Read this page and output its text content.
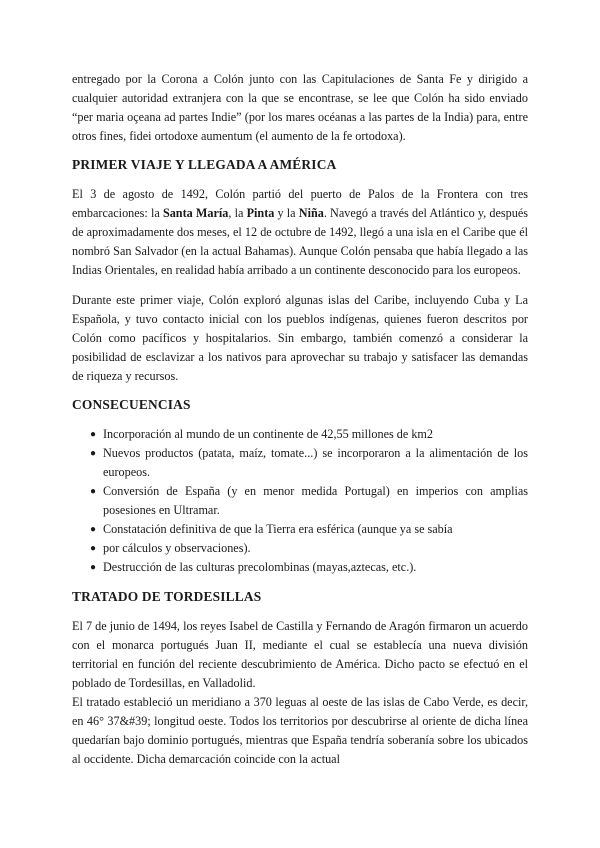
entregado por la Corona a Colón junto con las Capitulaciones de Santa Fe y dirigido a cualquier autoridad extranjera con la que se encontrase, se lee que Colón ha sido enviado “per maria oçeana ad partes Indie” (por los mares océanas a las partes de la India) para, entre otros fines, fidei ortodoxe aumentum (el aumento de la fe ortodoxa).

PRIMER VIAJE Y LLEGADA A AMÉRICA

El 3 de agosto de 1492, Colón partió del puerto de Palos de la Frontera con tres embarcaciones: la Santa María, la Pinta y la Niña. Navegó a través del Atlántico y, después de aproximadamente dos meses, el 12 de octubre de 1492, llegó a una isla en el Caribe que él nombró San Salvador (en la actual Bahamas). Aunque Colón pensaba que había llegado a las Indias Orientales, en realidad había arribado a un continente desconocido para los europeos.

Durante este primer viaje, Colón exploró algunas islas del Caribe, incluyendo Cuba y La Española, y tuvo contacto inicial con los pueblos indígenas, quienes fueron descritos por Colón como pacíficos y hospitalarios. Sin embargo, también comenzó a considerar la posibilidad de esclavizar a los nativos para aprovechar su trabajo y satisfacer las demandas de riqueza y recursos.

CONSECUENCIAS
● Incorporación al mundo de un continente de 42,55 millones de km2
● Nuevos productos (patata, maíz, tomate...) se incorporaron a la alimentación de los europeos.
● Conversión de España (y en menor medida Portugal) en imperios con amplias posesiones en Ultramar.
● Constatación definitiva de que la Tierra era esférica (aunque ya se sabía
● por cálculos y observaciones).
● Destrucción de las culturas precolombinas (mayas,aztecas, etc.).
TRATADO DE TORDESILLAS

El 7 de junio de 1494, los reyes Isabel de Castilla y Fernando de Aragón firmaron un acuerdo con el monarca portugués Juan II, mediante el cual se establecía una nueva división territorial en función del reciente descubrimiento de América. Dicho pacto se efectuó en el poblado de Tordesillas, en Valladolid.

El tratado estableció un meridiano a 370 leguas al oeste de las islas de Cabo Verde, es decir, en 46° 37&#39; longitud oeste. Todos los territorios por descubrirse al oriente de dicha línea quedarían bajo dominio portugués, mientras que España tendría soberanía sobre los ubicados al occidente. Dicha demarcación coincide con la actual
